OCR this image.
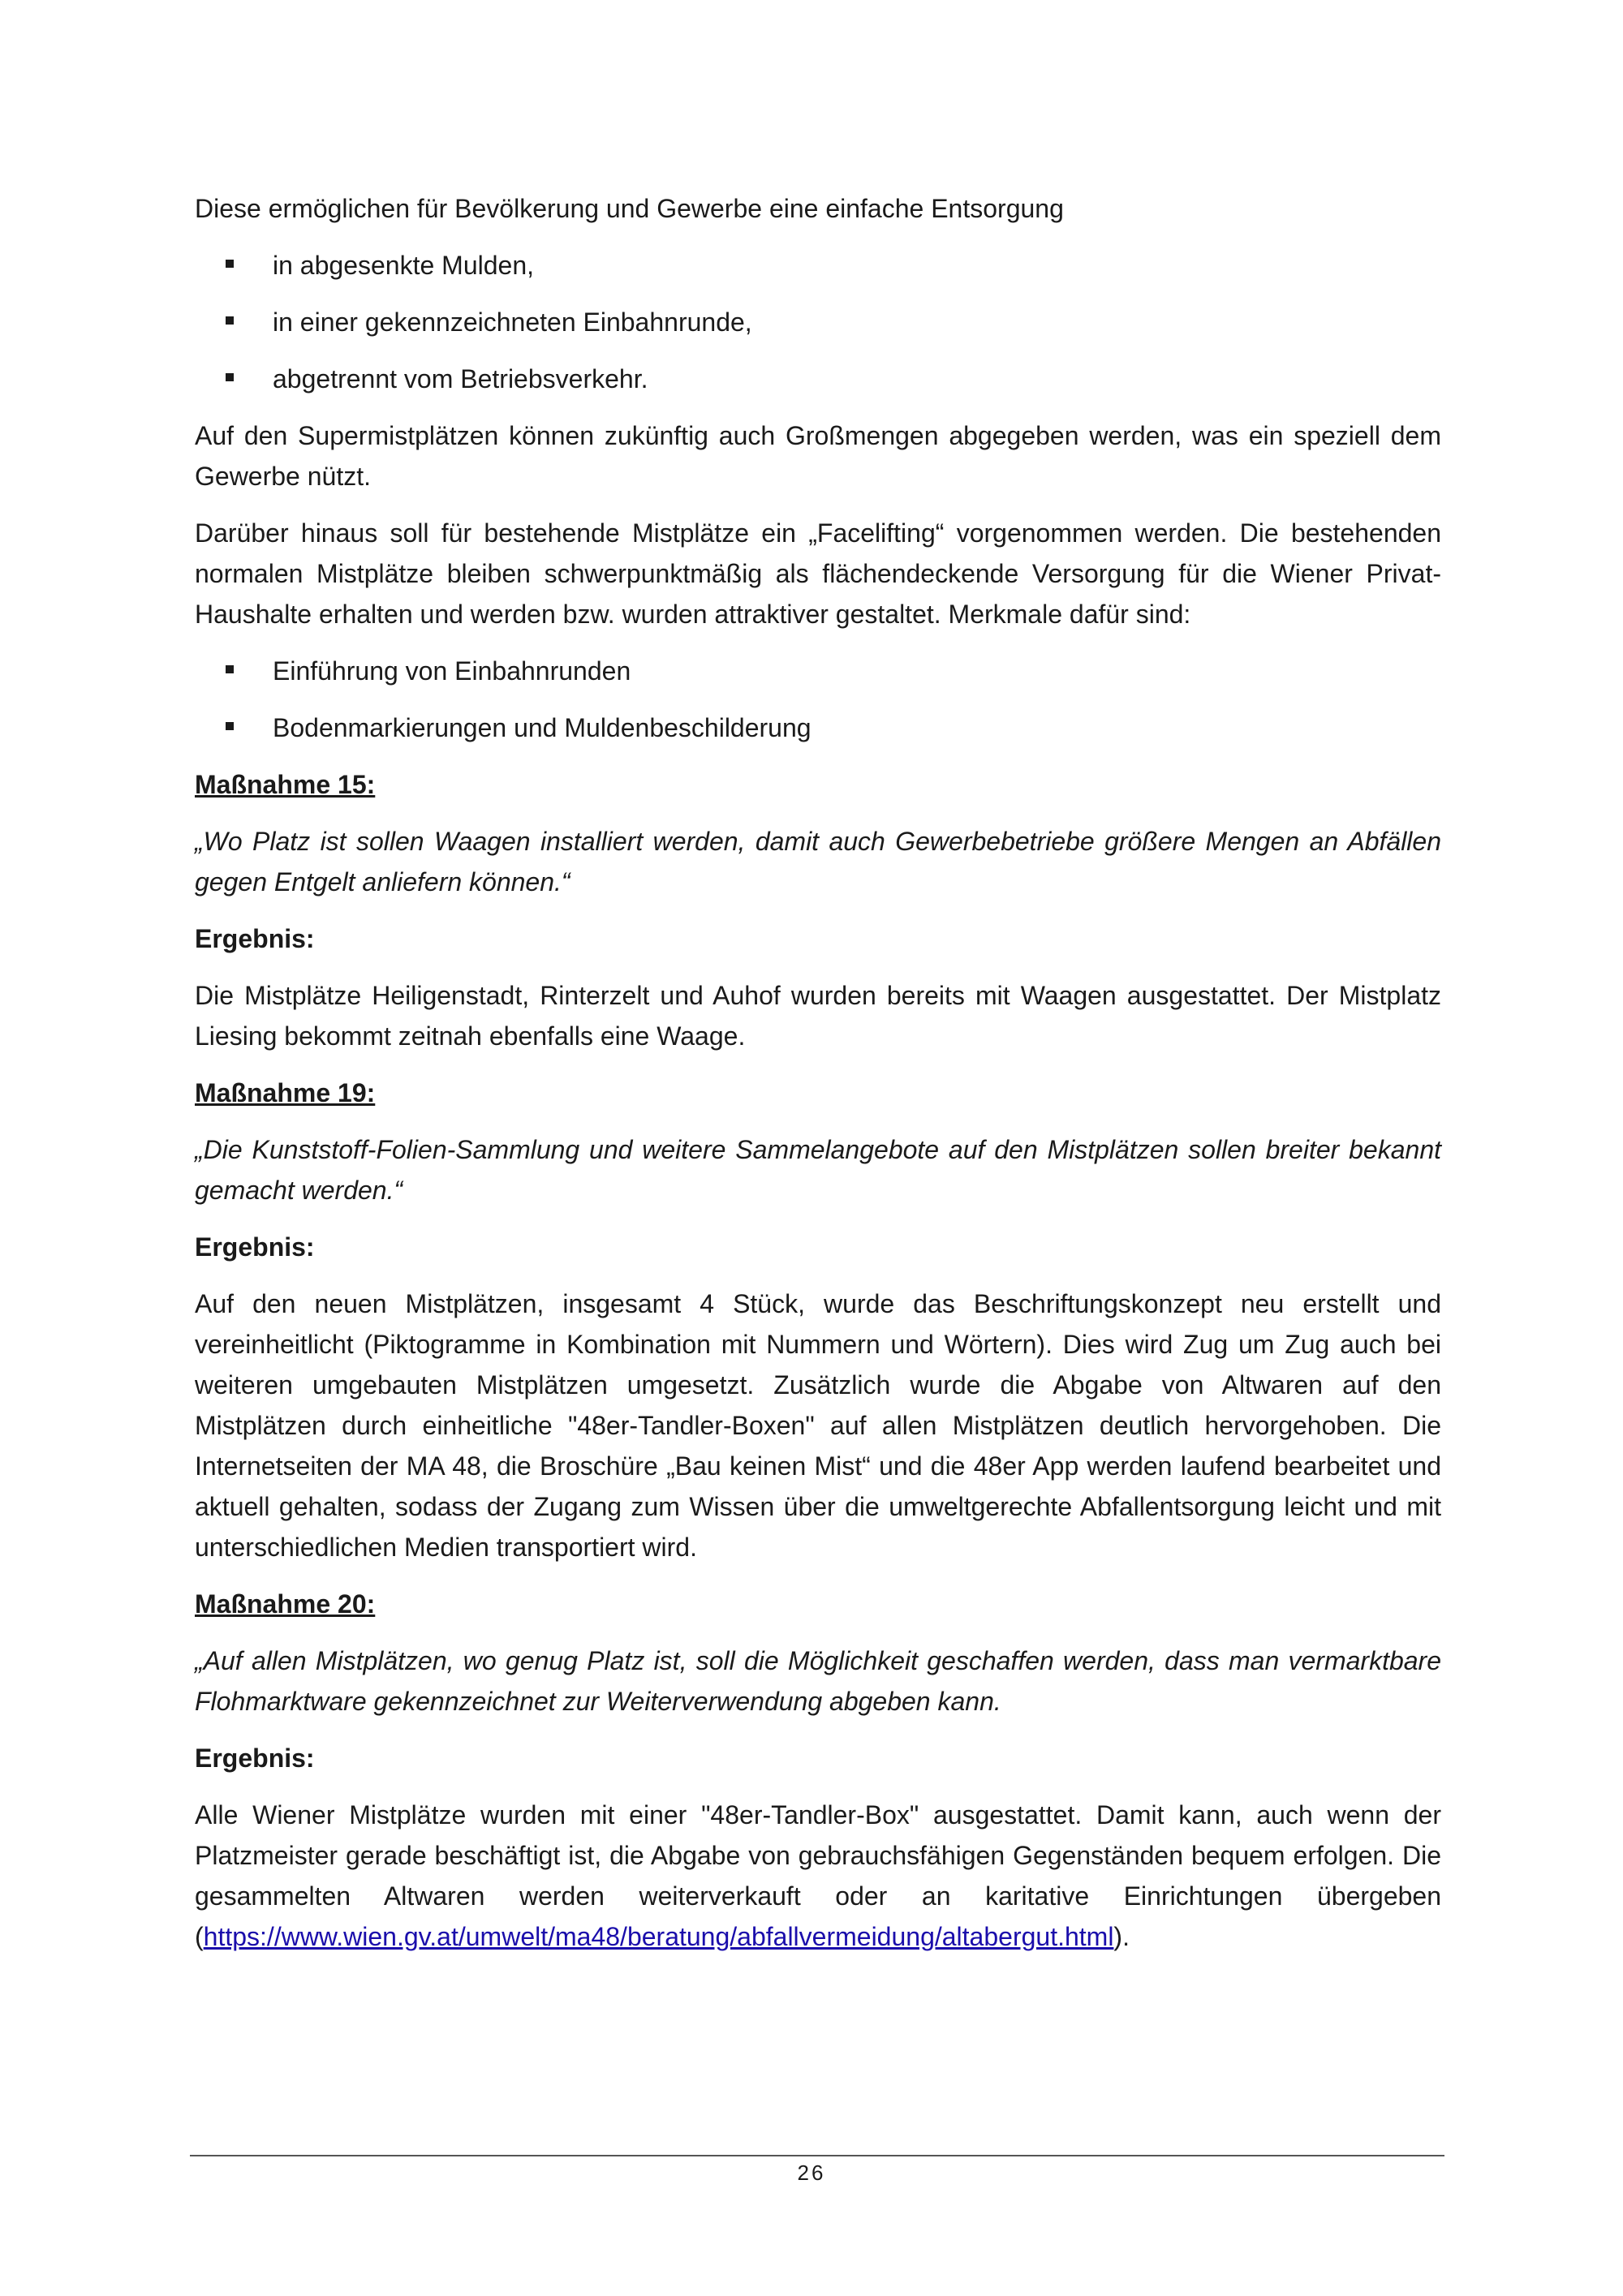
Diese ermöglichen für Bevölkerung und Gewerbe eine einfache Entsorgung

in abgesenkte Mulden,
in einer gekennzeichneten Einbahnrunde,
abgetrennt vom Betriebsverkehr.

Auf den Supermistplätzen können zukünftig auch Großmengen abgegeben werden, was ein speziell dem Gewerbe nützt.

Darüber hinaus soll für bestehende Mistplätze ein „Facelifting“ vorgenommen werden. Die bestehenden normalen Mistplätze bleiben schwerpunktmäßig als flächendeckende Versorgung für die Wiener Privat-Haushalte erhalten und werden bzw. wurden attraktiver gestaltet. Merkmale dafür sind:

Einführung von Einbahnrunden
Bodenmarkierungen und Muldenbeschilderung
Maßnahme 15:

„Wo Platz ist sollen Waagen installiert werden, damit auch Gewerbebetriebe größere Mengen an Abfällen gegen Entgelt anliefern können.“

Ergebnis:

Die Mistplätze Heiligenstadt, Rinterzelt und Auhof wurden bereits mit Waagen ausgestattet. Der Mistplatz Liesing bekommt zeitnah ebenfalls eine Waage.

Maßnahme 19:

„Die Kunststoff-Folien-Sammlung und weitere Sammelangebote auf den Mistplätzen sollen breiter bekannt gemacht werden.“

Ergebnis:

Auf den neuen Mistplätzen, insgesamt 4 Stück, wurde das Beschriftungskonzept neu erstellt und vereinheitlicht (Piktogramme in Kombination mit Nummern und Wörtern). Dies wird Zug um Zug auch bei weiteren umgebauten Mistplätzen umgesetzt. Zusätzlich wurde die Abgabe von Altwaren auf den Mistplätzen durch einheitliche "48er-Tandler-Boxen" auf allen Mistplätzen deutlich hervorgehoben. Die Internetseiten der MA 48, die Broschüre „Bau keinen Mist“ und die 48er App werden laufend bearbeitet und aktuell gehalten, sodass der Zugang zum Wissen über die umweltgerechte Abfallentsorgung leicht und mit unterschiedlichen Medien transportiert wird.

Maßnahme 20:

„Auf allen Mistplätzen, wo genug Platz ist, soll die Möglichkeit geschaffen werden, dass man vermarktbare Flohmarktware gekennzeichnet zur Weiterverwendung abgeben kann.

Ergebnis:

Alle Wiener Mistplätze wurden mit einer "48er-Tandler-Box" ausgestattet. Damit kann, auch wenn der Platzmeister gerade beschäftigt ist, die Abgabe von gebrauchsfähigen Gegenständen bequem erfolgen. Die gesammelten Altwaren werden weiterverkauft oder an karitative Einrichtungen übergeben (https://www.wien.gv.at/umwelt/ma48/beratung/abfallvermeidung/altabergut.html).

26
